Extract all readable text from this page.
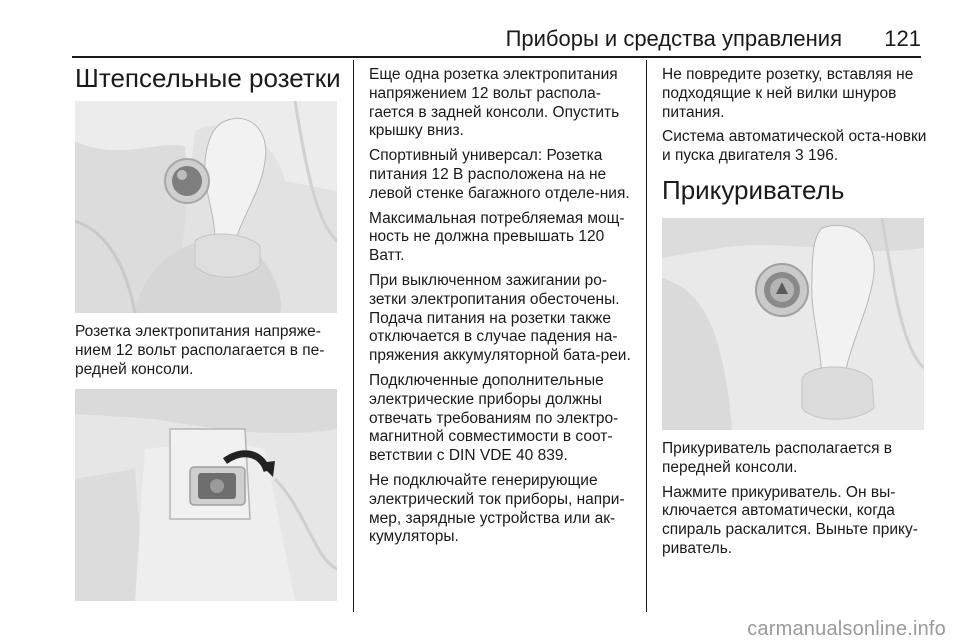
Приборы и средства управления 121
Штепсельные розетки

Розетка электропитания напряже-нием 12 вольт располагается в пе-редней консоли.

Еще одна розетка электропитания напряжением 12 вольт распола-гается в задней консоли. Опустить крышку вниз.

Спортивный универсал: Розетка питания 12 В расположена на не левой стенке багажного отделе-ния.

Максимальная потребляемая мощ-ность не должна превышать 120 Ватт.

При выключенном зажигании ро-зетки электропитания обесточены. Подача питания на розетки также отключается в случае падения на-пряжения аккумуляторной бата-реи.

Подключенные дополнительные электрические приборы должны отвечать требованиям по электро-магнитной совместимости в соот-ветствии с DIN VDE 40 839.

Не подключайте генерирующие электрический ток приборы, напри-мер, зарядные устройства или ак-кумуляторы.

Не повредите розетку, вставляя не подходящие к ней вилки шнуров питания.

Система автоматической оста-новки и пуска двигателя 3 196.

Прикуриватель

Прикуриватель располагается в передней консоли.

Нажмите прикуриватель. Он вы-ключается автоматически, когда спираль раскалится. Выньте прику-риватель.

carmanualsonline.info
